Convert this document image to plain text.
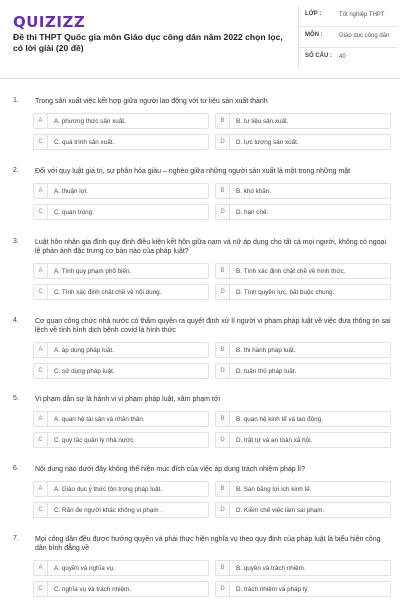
QUIZIZZ
Đề thi THPT Quốc gia môn Giáo dục công dân năm 2022 chọn lọc, có lời giải (20 đề)
LỚP :	Tốt nghiệp THPT
MÔN :	Giáo dục công dân
SỐ CÂU :	40
1.	Trong sản xuất việc kết hợp giữa người lao động với tư liệu sản xuất thành
A	A. phương thức sản xuất.	B	B. tư liệu sản xuất.
C	C. quá trình sản xuất.	D	D. lực lượng sản xuất.
2.	Đối với quy luật giá trị, sự phân hóa giàu – nghèo giữa những người sản xuất là một trong những mặt
A	A. thuận lợi.	B	B. khó khăn.
C	C. quan trọng.	D	D. hạn chế.
3.	Luật hôn nhân gia đình quy định điều kiện kết hôn giữa nam và nữ áp dụng cho tất cả mọi người, không có ngoại lệ phản ánh đặc trưng cơ bản nào của pháp luật?
A	A. Tính quy phạm phổ biến.	B	B. Tính xác định chặt chẽ về hình thức.
C	C. Tính xác định chặt chẽ về nội dung.	D	D. Tính quyền lực, bắt buộc chung.
4.	Cơ quan công chức nhà nước có thẩm quyền ra quyết định xử lí người vi phạm pháp luật về việc đưa thông tin sai lệch về tình hình dịch bệnh covid là hình thức
A	A. áp dụng pháp luật.	B	B. thi hành pháp luật.
C	C. sử dụng pháp luật.	D	D. tuân thủ pháp luật.
5.	Vi phạm dân sự là hành vi vi phạm pháp luật, xâm phạm tới
A	A. quan hệ tài sản và nhân thân.	B	B. quan hệ kinh tế và lao động.
C	C. quy tắc quản lý nhà nước.	D	D. trật tự và an toàn xã hội.
6.	Nội dung nào dưới đây không thể hiện mục đích của việc áp dụng trách nhiệm pháp lí?
A	A. Giáo dục ý thức tôn trọng pháp luật.	B	B. San bằng lợi ích kinh tế.
C	C. Răn đe người khác không vi phạm .	D	D. Kiềm chế việc làm sai phạm.
7.	Mọi công dân đều được hưởng quyền và phải thực hiện nghĩa vụ theo quy định của pháp luật là biểu hiện công dân bình đẳng về
A	A. quyền và nghĩa vụ.	B	B. quyền và trách nhiệm.
C	C. nghĩa vụ và trách nhiệm.	D	D. trách nhiệm và pháp lý.
